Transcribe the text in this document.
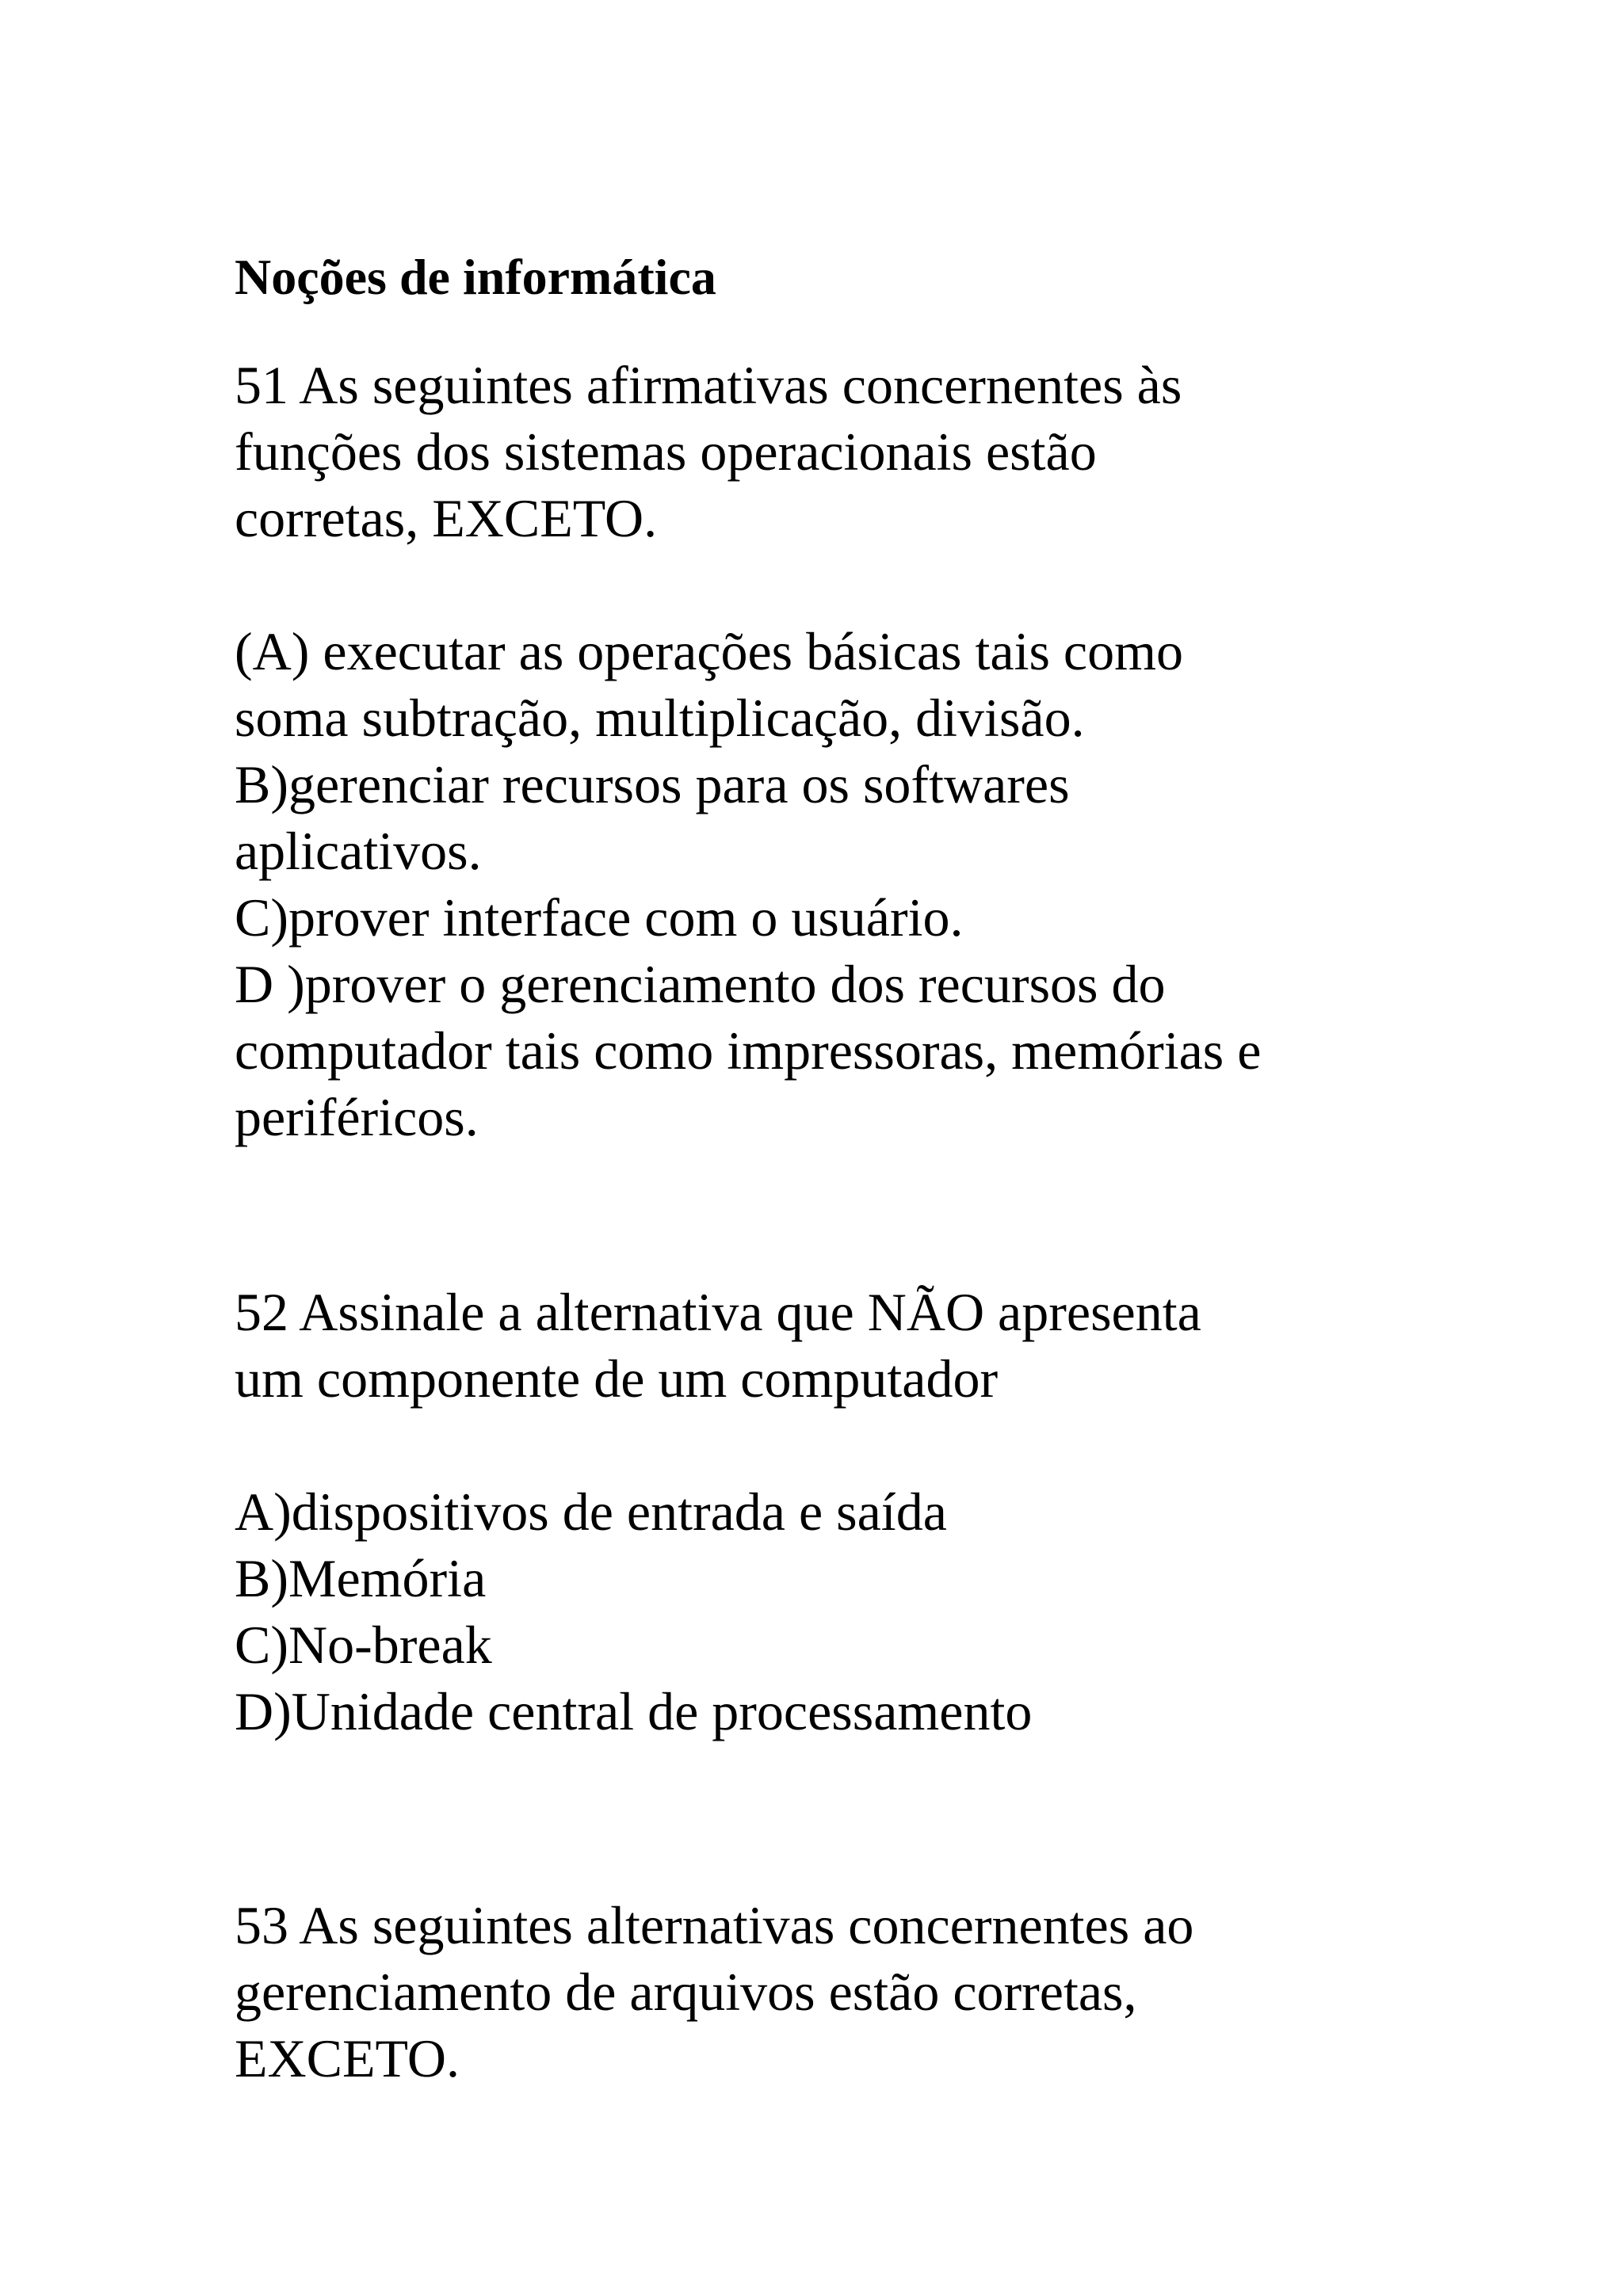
Noções de informática
51 As seguintes afirmativas concernentes às
funções dos sistemas operacionais estão
corretas, EXCETO.
(A) executar as operações básicas tais como
soma subtração, multiplicação, divisão.
B)gerenciar recursos para os softwares
aplicativos.
C)prover interface com o usuário.
D )prover o gerenciamento dos recursos do
computador tais como impressoras, memórias e
periféricos.
52 Assinale a alternativa que NÃO apresenta
um componente de um computador
A)dispositivos de entrada e saída
B)Memória
C)No-break
D)Unidade central de processamento
53 As seguintes alternativas concernentes ao
gerenciamento de arquivos estão corretas,
EXCETO.
